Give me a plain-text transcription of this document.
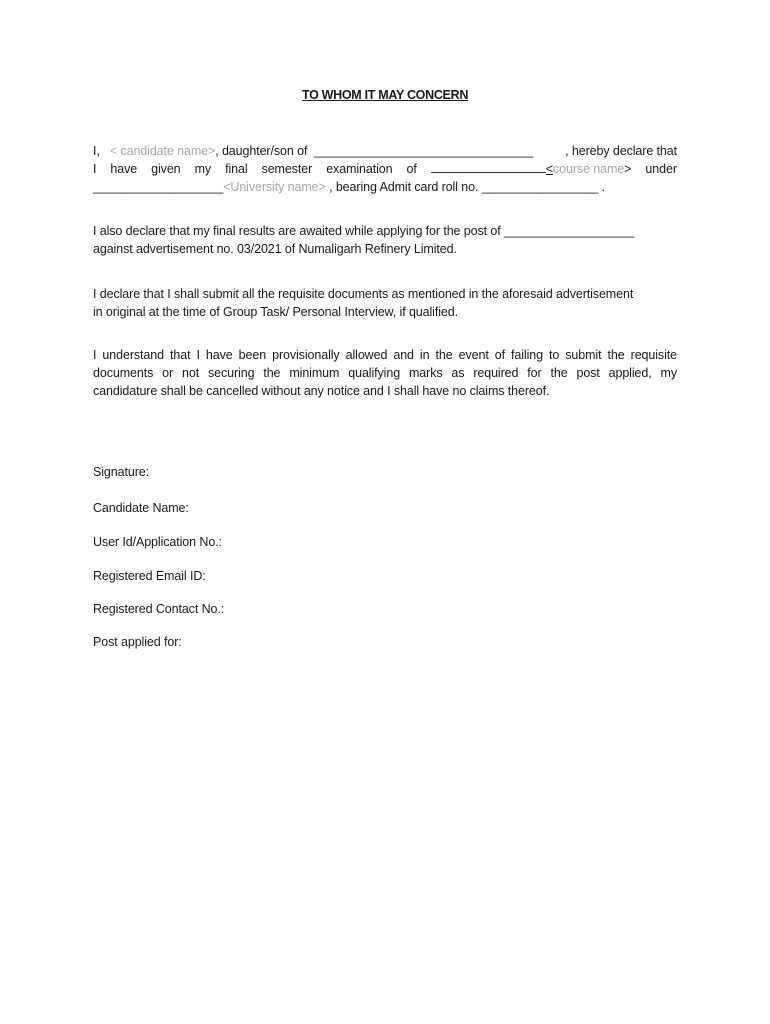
TO WHOM IT MAY CONCERN
I, < candidate name>, daughter/son of ________________________________	, hereby declare that
I have given my final semester examination of	<course name> under
___________________<University name> , bearing Admit card roll no. _________________ .
I also declare that my final results are awaited while applying for the post of ___________________
against advertisement no. 03/2021 of Numaligarh Refinery Limited.
I declare that I shall submit all the requisite documents as mentioned in the aforesaid advertisement
in original at the time of Group Task/ Personal Interview, if qualified.
I understand that I have been provisionally allowed and in the event of failing to submit the requisite
documents or not securing the minimum qualifying marks as required for the post applied, my
candidature shall be cancelled without any notice and I shall have no claims thereof.
Signature:
Candidate Name:
User Id/Application No.:
Registered Email ID:
Registered Contact No.:
Post applied for:
